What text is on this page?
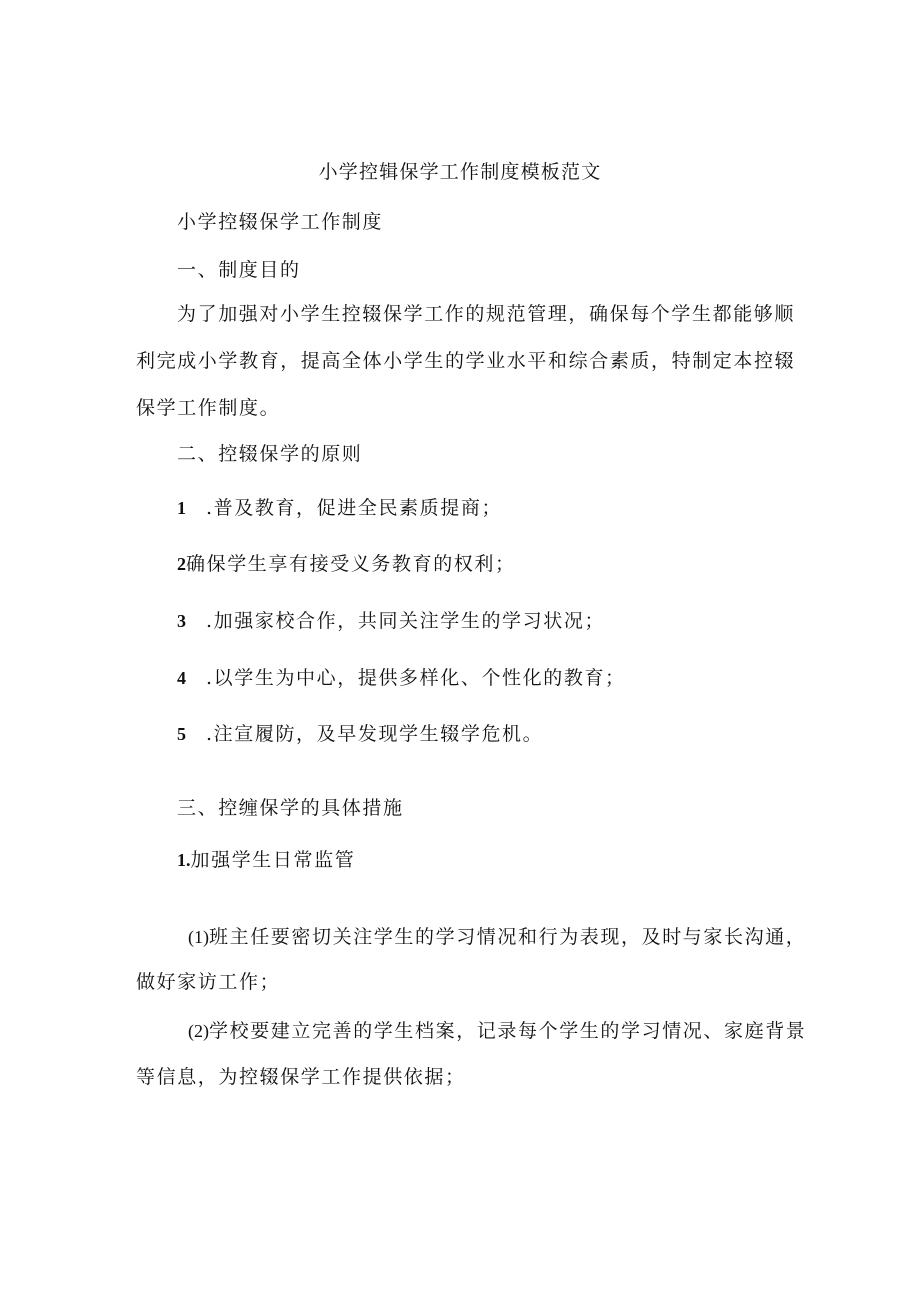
小学控辑保学工作制度模板范文
小学控辍保学工作制度
一、制度目的
为了加强对小学生控辍保学工作的规范管理，确保每个学生都能够顺
利完成小学教育，提高全体小学生的学业水平和综合素质，特制定本控辍
保学工作制度。
二、控辍保学的原则
1 .普及教育，促进全民素质提商；
2确保学生享有接受义务教育的权利；
3 .加强家校合作，共同关注学生的学习状况；
4 .以学生为中心，提供多样化、个性化的教育；
5 .注宣履防，及早发现学生辍学危机。
三、控缠保学的具体措施
1.加强学生日常监管
(1)班主任要密切关注学生的学习情况和行为表现，及时与家长沟通，
做好家访工作；
(2)学校要建立完善的学生档案，记录每个学生的学习情况、家庭背景
等信息，为控辍保学工作提供依据；
